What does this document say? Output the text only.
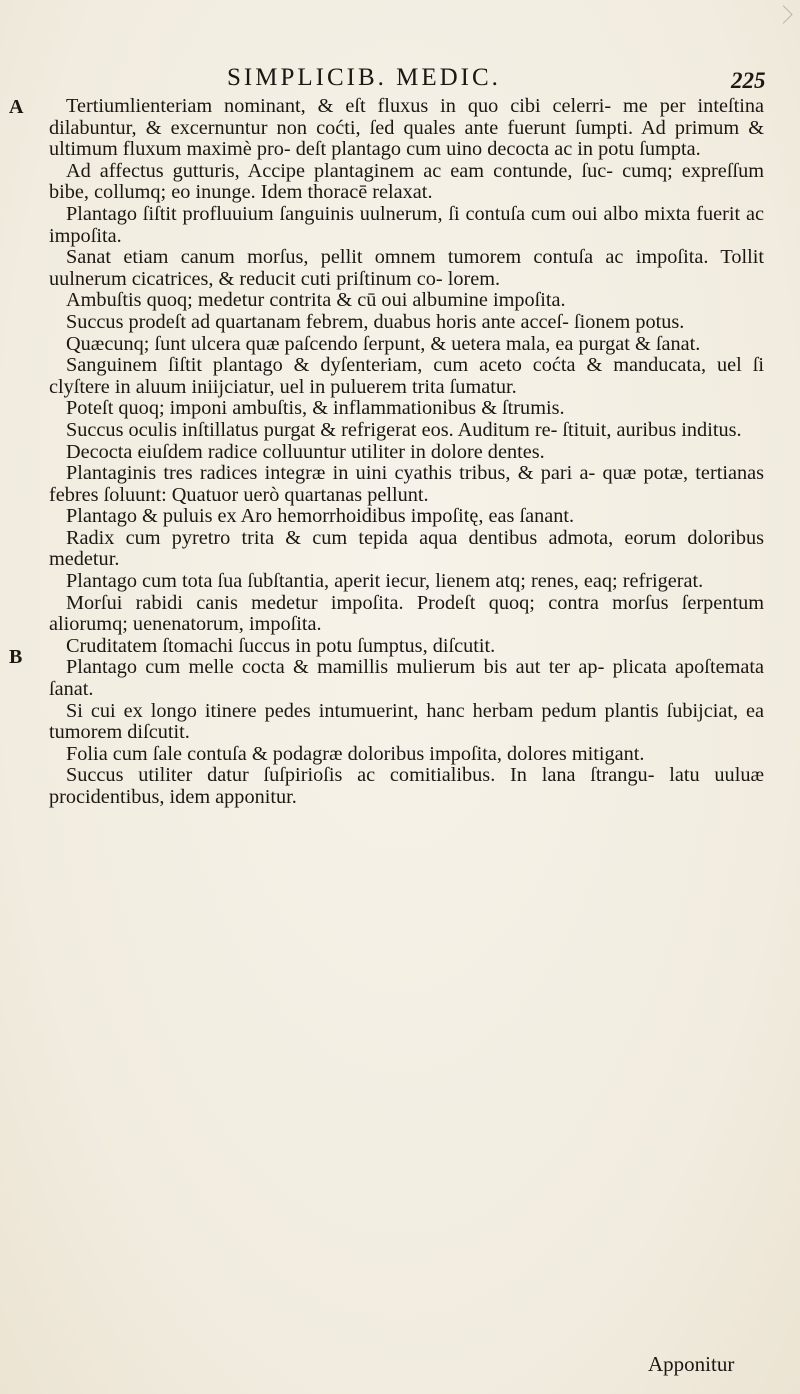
SIMPLICIB. MEDIC.	225
A
B

Tertiumlienteriam nominant, & eſt fluxus in quo cibi celerri- me per inteſtina dilabuntur, & excernuntur non coćti, ſed quales ante fuerunt ſumpti. Ad primum & ultimum fluxum maximè pro- deſt plantago cum uino decocta ac in potu ſumpta.

Ad affectus gutturis, Accipe plantaginem ac eam contunde, ſuc- cumq; expreſſum bibe, collumq; eo inunge. Idem thoracē relaxat.

Plantago ſiſtit profluuium ſanguinis uulnerum, ſi contuſa cum oui albo mixta fuerit ac impoſita.

Sanat etiam canum morſus, pellit omnem tumorem contuſa ac impoſita. Tollit uulnerum cicatrices, & reducit cuti priſtinum co- lorem.

Ambuſtis quoq; medetur contrita & cū oui albumine impoſita.

Succus prodeſt ad quartanam febrem, duabus horis ante acceſ- ſionem potus.

Quæcunq; ſunt ulcera quæ paſcendo ſerpunt, & uetera mala, ea purgat & ſanat.

Sanguinem ſiſtit plantago & dyſenteriam, cum aceto coćta & manducata, uel ſi clyſtere in aluum iniĳciatur, uel in puluerem trita ſumatur.

Poteſt quoq; imponi ambuſtis, & inflammationibus & ſtrumis.

Succus oculis inſtillatus purgat & refrigerat eos. Auditum re- ſtituit, auribus inditus.

Decocta eiuſdem radice colluuntur utiliter in dolore dentes.

Plantaginis tres radices integræ in uini cyathis tribus, & pari a- quæ potæ, tertianas febres ſoluunt: Quatuor uerò quartanas pellunt.

Plantago & puluis ex Aro hemorrhoidibus impoſitę, eas ſanant.

Radix cum pyretro trita & cum tepida aqua dentibus admota, eorum doloribus medetur.

Plantago cum tota ſua ſubſtantia, aperit iecur, lienem atq; renes, eaq; refrigerat.

Morſui rabidi canis medetur impoſita. Prodeſt quoq; contra morſus ſerpentum aliorumq; uenenatorum, impoſita.

Cruditatem ſtomachi ſuccus in potu ſumptus, diſcutit.

Plantago cum melle cocta & mamillis mulierum bis aut ter ap- plicata apoſtemata ſanat.

Si cui ex longo itinere pedes intumuerint, hanc herbam pedum plantis ſubĳciat, ea tumorem diſcutit.

Folia cum ſale contuſa & podagræ doloribus impoſita, dolores mitigant.

Succus utiliter datur ſuſpirioſis ac comitialibus. In lana ſtrangu- latu uuluæ procidentibus, idem apponitur.

Apponitur
